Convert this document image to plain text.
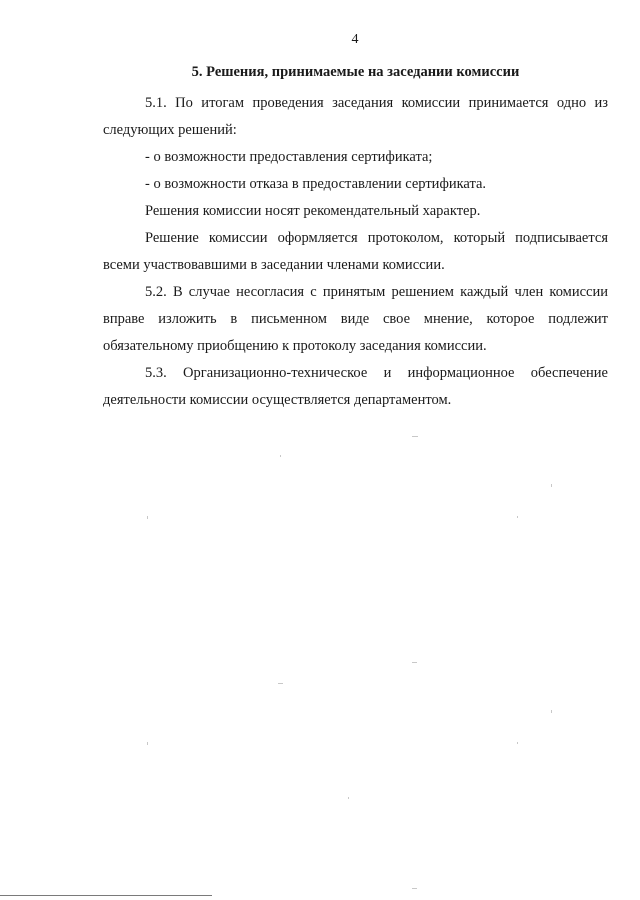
4
5. Решения, принимаемые на заседании комиссии

5.1. По итогам проведения заседания комиссии принимается одно из следующих решений:

- о возможности предоставления сертификата;

- о возможности отказа в предоставлении сертификата.

Решения комиссии носят рекомендательный характер.

Решение комиссии оформляется протоколом, который подписывается всеми участвовавшими в заседании членами комиссии.

5.2. В случае несогласия с принятым решением каждый член комиссии вправе изложить в письменном виде свое мнение, которое подлежит обязательному приобщению к протоколу заседания комиссии.

5.3. Организационно-техническое и информационное обеспечение деятельности комиссии осуществляется департаментом.
